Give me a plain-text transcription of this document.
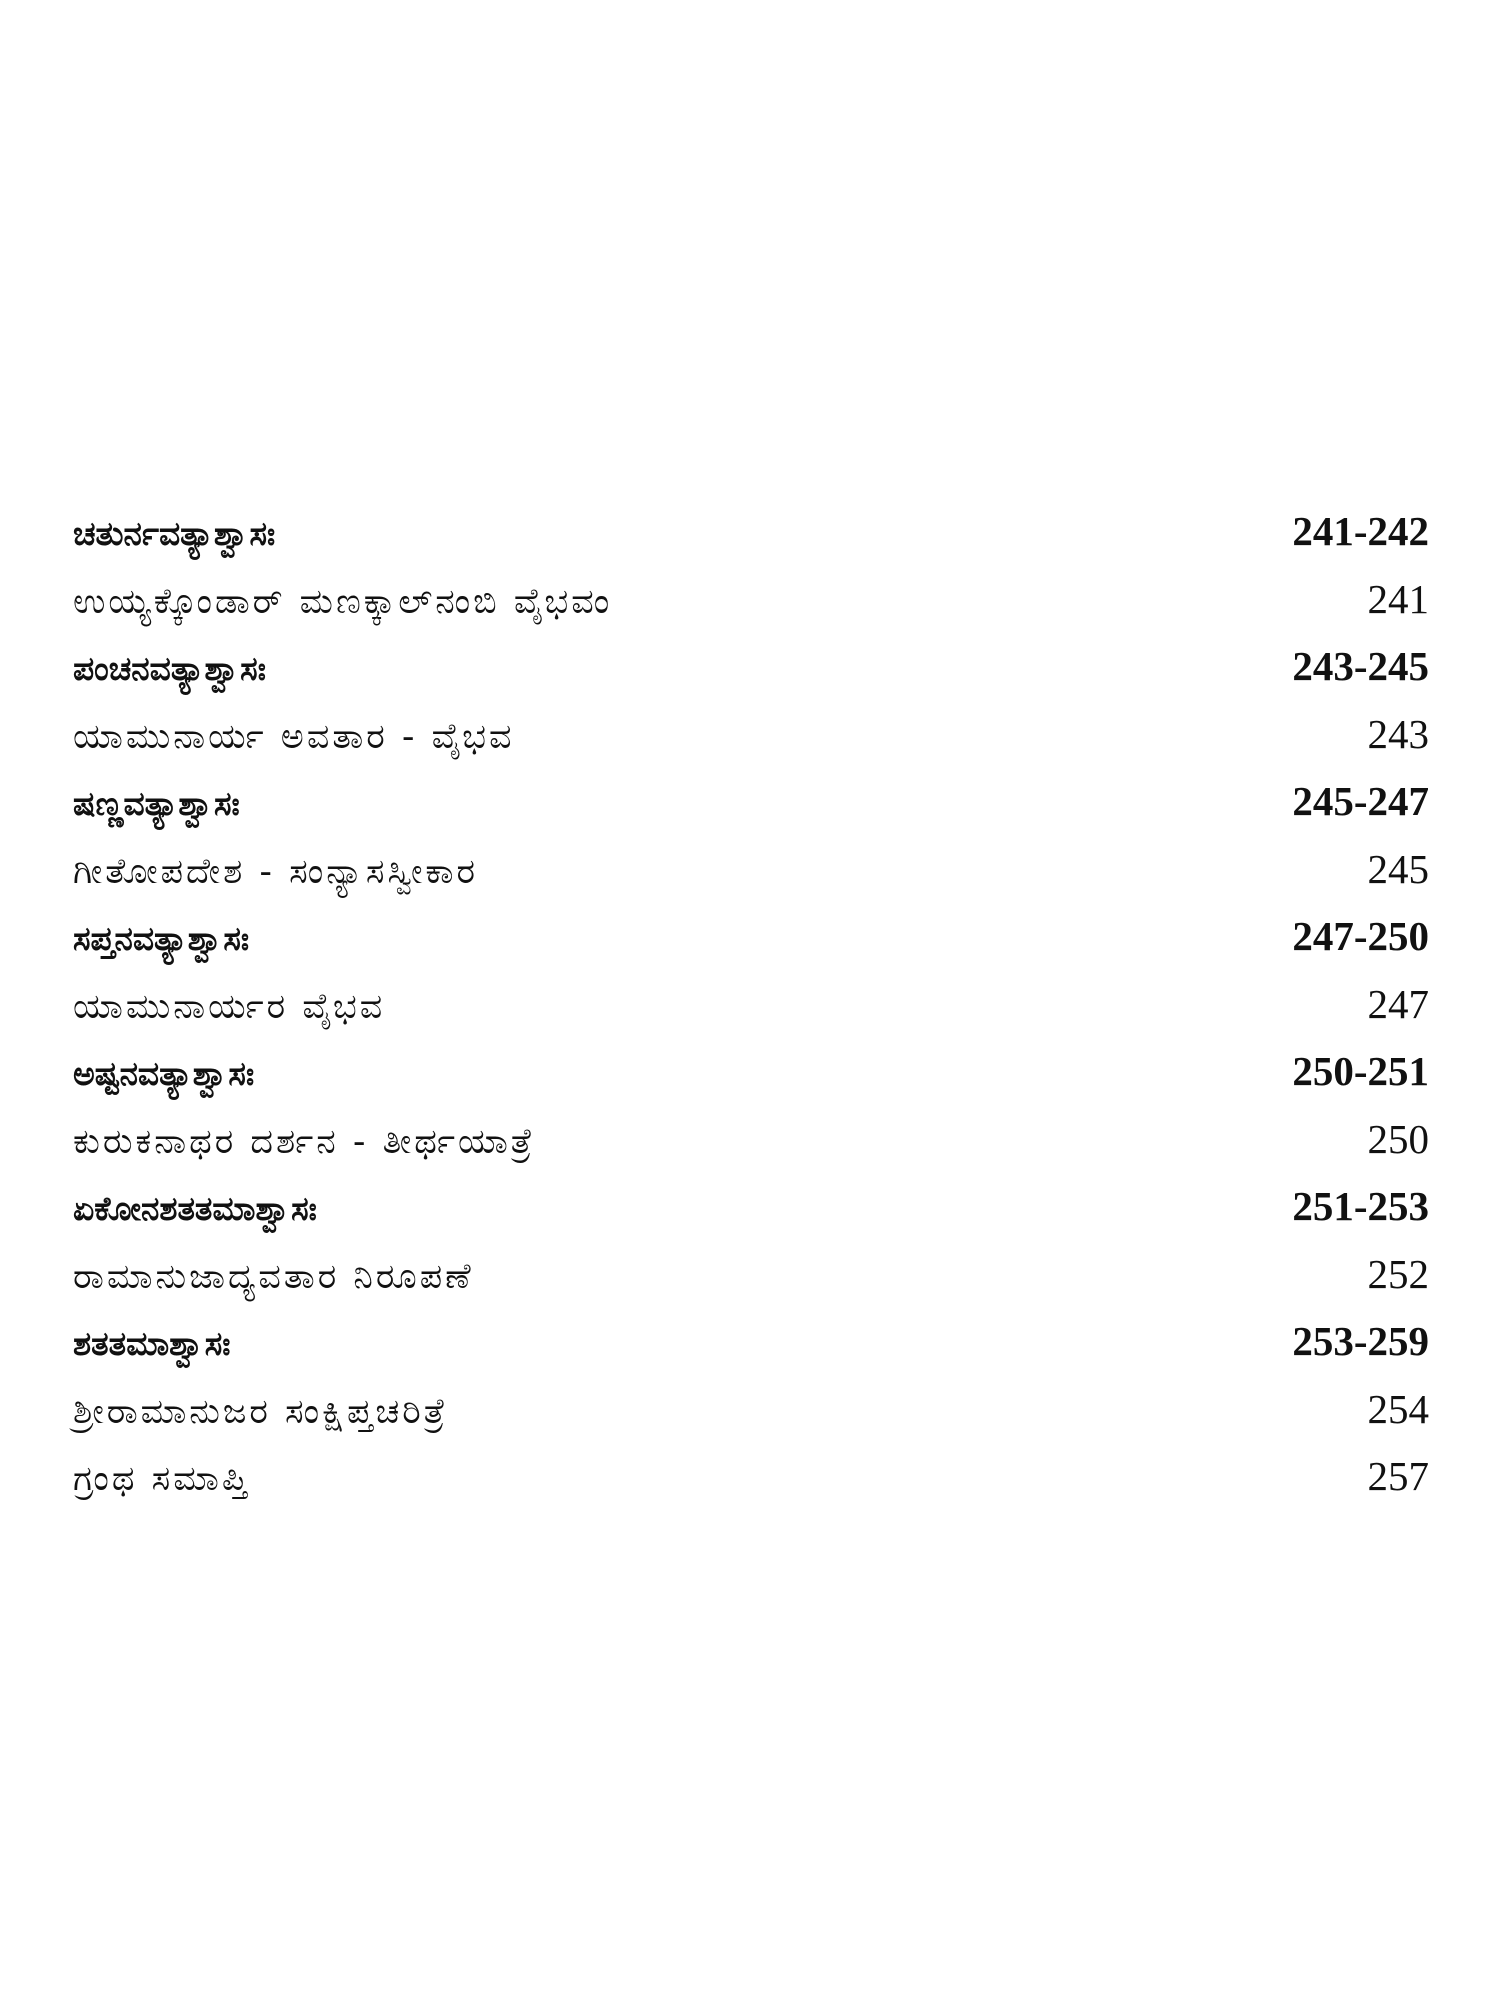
ಚತುರ್ನವತ್ಯಾಶ್ವಾಸಃ	241-242
ಉಯ್ಯಕ್ಕೊಂಡಾರ್ ಮಣಕ್ಕಾಲ್‌ನಂಬಿ ವೈಭವಂ	241
ಪಂಚನವತ್ಯಾಶ್ವಾಸಃ	243-245
ಯಾಮುನಾರ್ಯ ಅವತಾರ - ವೈಭವ	243
ಷಣ್ಣವತ್ಯಾಶ್ವಾಸಃ	245-247
ಗೀತೋಪದೇಶ - ಸಂನ್ಯಾಸಸ್ವೀಕಾರ	245
ಸಪ್ತನವತ್ಯಾಶ್ವಾಸಃ	247-250
ಯಾಮುನಾರ್ಯರ ವೈಭವ	247
ಅಷ್ಟನವತ್ಯಾಶ್ವಾಸಃ	250-251
ಕುರುಕನಾಥರ ದರ್ಶನ - ತೀರ್ಥಯಾತ್ರೆ	250
ಏಕೋನಶತತಮಾಶ್ವಾಸಃ	251-253
ರಾಮಾನುಜಾದ್ಯವತಾರ ನಿರೂಪಣೆ	252
ಶತತಮಾಶ್ವಾಸಃ	253-259
ಶ್ರೀರಾಮಾನುಜರ ಸಂಕ್ಷಿಪ್ತಚರಿತ್ರೆ	254
ಗ್ರಂಥ ಸಮಾಪ್ತಿ	257
